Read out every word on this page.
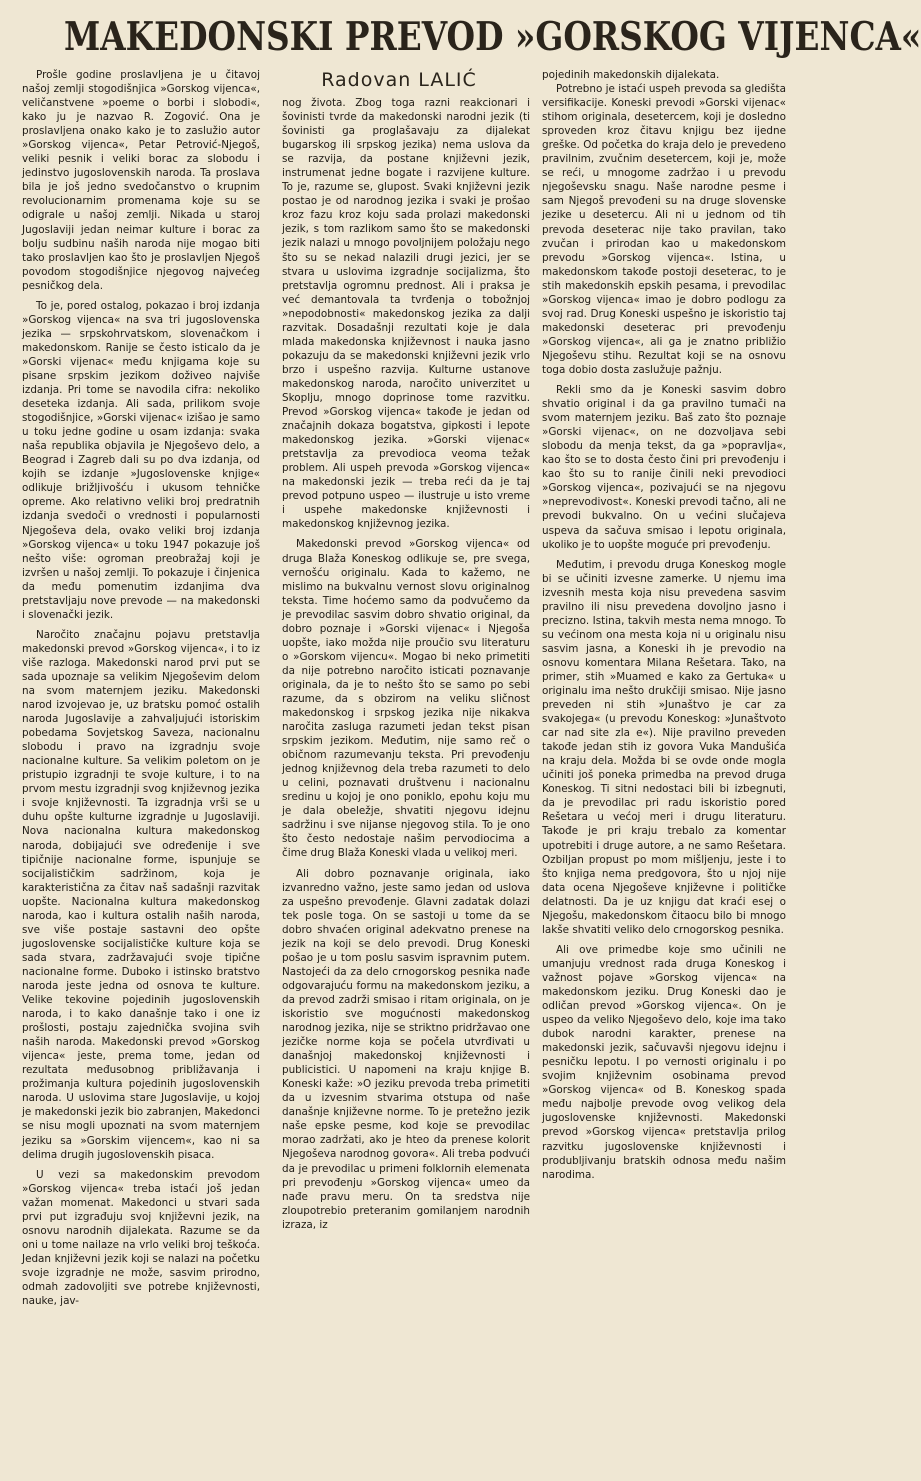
MAKEDONSKI PREVOD »GORSKOG VIJENCA«
Radovan LALIĆ

Prošle godine proslavljena je u čitavoj našoj zemlji stogodišnjica »Gorskog vijenca«, veličanstvene »poeme o borbi i slobodi«, kako ju je nazvao R. Zogović. Ona je proslavljena onako kako je to zaslužio autor »Gorskog vijenca«, Petar Petrović-Njegoš, veliki pesnik i veliki borac za slobodu i jedinstvo jugoslovenskih naroda. Ta proslava bila je još jedno svedočanstvo o krupnim revolucionarnim promenama koje su se odigrale u našoj zemlji. Nikada u staroj Jugoslaviji jedan neimar kulture i borac za bolju sudbinu naših naroda nije mogao biti tako proslavljen kao što je proslavljen Njegoš povodom stogodišnjice njegovog najvećeg pesničkog dela.

To je, pored ostalog, pokazao i broj izdanja »Gorskog vijenca« na sva tri jugoslovenska jezika — srpskohrvatskom, slovenačkom i makedonskom. Ranije se često isticalo da je »Gorski vijenac« među knjigama koje su pisane srpskim jezikom doživeo najviše izdanja. Pri tome se navodila cifra: nekoliko deseteka izdanja. Ali sada, prilikom svoje stogodišnjice, »Gorski vijenac« izišao je samo u toku jedne godine u osam izdanja: svaka naša republika objavila je Njegoševo delo, a Beograd i Zagreb dali su po dva izdanja, od kojih se izdanje »Jugoslovenske knjige« odlikuje brižljivošću i ukusom tehničke opreme. Ako relativno veliki broj predratnih izdanja svedoči o vrednosti i popularnosti Njegoševa dela, ovako veliki broj izdanja »Gorskog vijenca« u toku 1947 pokazuje još nešto više: ogroman preobražaj koji je izvršen u našoj zemlji. To pokazuje i činjenica da među pomenutim izdanjima dva pretstavljaju nove prevode — na makedonski i slovenački jezik.

Naročito značajnu pojavu pretstavlja makedonski prevod »Gorskog vijenca«, i to iz više razloga. Makedonski narod prvi put se sada upoznaje sa velikim Njegoševim delom na svom maternjem jeziku. Makedonski narod izvojevao je, uz bratsku pomoć ostalih naroda Jugoslavije a zahvaljujući istoriskim pobedama Sovjetskog Saveza, nacionalnu slobodu i pravo na izgradnju svoje nacionalne kulture. Sa velikim poletom on je pristupio izgradnji te svoje kulture, i to na prvom mestu izgradnji svog književnog jezika i svoje književnosti. Ta izgradnja vrši se u duhu opšte kulturne izgradnje u Jugoslaviji. Nova nacionalna kultura makedonskog naroda, dobijajući sve određenije i sve tipičnije nacionalne forme, ispunjuje se socijalističkim sadržinom, koja je karakteristična za čitav naš sadašnji razvitak uopšte. Nacionalna kultura makedonskog naroda, kao i kultura ostalih naših naroda, sve više postaje sastavni deo opšte jugoslovenske socijalističke kulture koja se sada stvara, zadržavajući svoje tipične nacionalne forme. Duboko i istinsko bratstvo naroda jeste jedna od osnova te kulture. Velike tekovine pojedinih jugoslovenskih naroda, i to kako današnje tako i one iz prošlosti, postaju zajednička svojina svih naših naroda. Makedonski prevod »Gorskog vijenca« jeste, prema tome, jedan od rezultata međusobnog približavanja i prožimanja kultura pojedinih jugoslovenskih naroda. U uslovima stare Jugoslavije, u kojoj je makedonski jezik bio zabranjen, Makedonci se nisu mogli upoznati na svom maternjem jeziku sa »Gorskim vijencem«, kao ni sa delima drugih jugoslovenskih pisaca.

U vezi sa makedonskim prevodom »Gorskog vijenca« treba istaći još jedan važan momenat. Makedonci u stvari sada prvi put izgrađuju svoj književni jezik, na osnovu narodnih dijalekata. Razume se da oni u tome nailaze na vrlo veliki broj teškoća. Jedan književni jezik koji se nalazi na početku svoje izgradnje ne može, sasvim prirodno, odmah zadovoljiti sve potrebe književnosti, nauke, jav-

nog života. Zbog toga razni reakcionari i šovinisti tvrde da makedonski narodni jezik (ti šovinisti ga proglašavaju za dijalekat bugarskog ili srpskog jezika) nema uslova da se razvija, da postane književni jezik, instrumenat jedne bogate i razvijene kulture. To je, razume se, glupost. Svaki književni jezik postao je od narodnog jezika i svaki je prošao kroz fazu kroz koju sada prolazi makedonski jezik, s tom razlikom samo što se makedonski jezik nalazi u mnogo povoljnijem položaju nego što su se nekad nalazili drugi jezici, jer se stvara u uslovima izgradnje socijalizma, što pretstavlja ogromnu prednost. Ali i praksa je već demantovala ta tvrđenja o tobožnjoj »nepodobnosti« makedonskog jezika za dalji razvitak. Dosadašnji rezultati koje je dala mlada makedonska književnost i nauka jasno pokazuju da se makedonski književni jezik vrlo brzo i uspešno razvija. Kulturne ustanove makedonskog naroda, naročito univerzitet u Skoplju, mnogo doprinose tome razvitku. Prevod »Gorskog vijenca« takođe je jedan od značajnih dokaza bogatstva, gipkosti i lepote makedonskog jezika. »Gorski vijenac« pretstavlja za prevodioca veoma težak problem. Ali uspeh prevoda »Gorskog vijenca« na makedonski jezik — treba reći da je taj prevod potpuno uspeo — ilustruje u isto vreme i uspehe makedonske književnosti i makedonskog književnog jezika.

Makedonski prevod »Gorskog vijenca« od druga Blaža Koneskog odlikuje se, pre svega, vernošću originalu. Kada to kažemo, ne mislimo na bukvalnu vernost slovu originalnog teksta. Time hoćemo samo da podvučemo da je prevodilac sasvim dobro shvatio original, da dobro poznaje i »Gorski vijenac« i Njegoša uopšte, iako možda nije proučio svu literaturu o »Gorskom vijencu«. Mogao bi neko primetiti da nije potrebno naročito isticati poznavanje originala, da je to nešto što se samo po sebi razume, da s obzirom na veliku sličnost makedonskog i srpskog jezika nije nikakva naročita zasluga razumeti jedan tekst pisan srpskim jezikom. Međutim, nije samo reč o običnom razumevanju teksta. Pri prevođenju jednog književnog dela treba razumeti to delo u celini, poznavati društvenu i nacionalnu sredinu u kojoj je ono poniklo, epohu koju mu je dala obeležje, shvatiti njegovu idejnu sadržinu i sve nijanse njegovog stila. To je ono što često nedostaje našim pervodiocima a čime drug Blaža Koneski vlada u velikoj meri.

Ali dobro poznavanje originala, iako izvanredno važno, jeste samo jedan od uslova za uspešno prevođenje. Glavni zadatak dolazi tek posle toga. On se sastoji u tome da se dobro shvaćen original adekvatno prenese na jezik na koji se delo prevodi. Drug Koneski pošao je u tom poslu sasvim ispravnim putem. Nastojeći da za delo crnogorskog pesnika nađe odgovarajuću formu na makedonskom jeziku, a da prevod zadrži smisao i ritam originala, on je iskoristio sve mogućnosti makedonskog narodnog jezika, nije se striktno pridržavao one jezičke norme koja se počela utvrđivati u današnjoj makedonskoj književnosti i publicistici. U napomeni na kraju knjige B. Koneski kaže: »O jeziku prevoda treba primetiti da u izvesnim stvarima otstupa od naše današnje književne norme. To je pretežno jezik naše epske pesme, kod koje se prevodilac morao zadržati, ako je hteo da prenese kolorit Njegoševa narodnog govora«. Ali treba podvući da je prevodilac u primeni folklornih elemenata pri prevođenju »Gorskog vijenca« umeo da nađe pravu meru. On ta sredstva nije zloupotrebio preteranim gomilanjem narodnih izraza, iz

pojedinih makedonskih dijalekata.

Potrebno je istaći uspeh prevoda sa gledišta versifikacije. Koneski prevodi »Gorski vijenac« stihom originala, desetercem, koji je dosledno sproveden kroz čitavu knjigu bez ijedne greške. Od početka do kraja delo je prevedeno pravilnim, zvučnim desetercem, koji je, može se reći, u mnogome zadržao i u prevodu njegoševsku snagu. Naše narodne pesme i sam Njegoš prevođeni su na druge slovenske jezike u desetercu. Ali ni u jednom od tih prevoda deseterac nije tako pravilan, tako zvučan i prirodan kao u makedonskom prevodu »Gorskog vijenca«. Istina, u makedonskom takođe postoji deseterac, to je stih makedonskih epskih pesama, i prevodilac »Gorskog vijenca« imao je dobro podlogu za svoj rad. Drug Koneski uspešno je iskoristio taj makedonski deseterac pri prevođenju »Gorskog vijenca«, ali ga je znatno približio Njegoševu stihu. Rezultat koji se na osnovu toga dobio dosta zaslužuje pažnju.

Rekli smo da je Koneski sasvim dobro shvatio original i da ga pravilno tumači na svom maternjem jeziku. Baš zato što poznaje »Gorski vijenac«, on ne dozvoljava sebi slobodu da menja tekst, da ga »popravlja«, kao što se to dosta često čini pri prevođenju i kao što su to ranije činili neki prevodioci »Gorskog vijenca«, pozivajući se na njegovu »neprevodivost«. Koneski prevodi tačno, ali ne prevodi bukvalno. On u većini slučajeva uspeva da sačuva smisao i lepotu originala, ukoliko je to uopšte moguće pri prevođenju.

Međutim, i prevodu druga Koneskog mogle bi se učiniti izvesne zamerke. U njemu ima izvesnih mesta koja nisu prevedena sasvim pravilno ili nisu prevedena dovoljno jasno i precizno. Istina, takvih mesta nema mnogo. To su većinom ona mesta koja ni u originalu nisu sasvim jasna, a Koneski ih je prevodio na osnovu komentara Milana Rešetara. Tako, na primer, stih »Muamed e kako za Gertuka« u originalu ima nešto drukčiji smisao. Nije jasno preveden ni stih »Junaštvo je car za svakojega« (u prevodu Koneskog: »Junaštvoto car nad site zla e«). Nije pravilno preveden takođe jedan stih iz govora Vuka Mandušića na kraju dela. Možda bi se ovde onde mogla učiniti još poneka primedba na prevod druga Koneskog. Ti sitni nedostaci bili bi izbegnuti, da je prevodilac pri radu iskoristio pored Rešetara u većoj meri i drugu literaturu. Takođe je pri kraju trebalo za komentar upotrebiti i druge autore, a ne samo Rešetara. Ozbiljan propust po mom mišljenju, jeste i to što knjiga nema predgovora, što u njoj nije data ocena Njegoševe književne i političke delatnosti. Da je uz knjigu dat kraći esej o Njegošu, makedonskom čitaocu bilo bi mnogo lakše shvatiti veliko delo crnogorskog pesnika.

Ali ove primedbe koje smo učinili ne umanjuju vrednost rada druga Koneskog i važnost pojave »Gorskog vijenca« na makedonskom jeziku. Drug Koneski dao je odličan prevod »Gorskog vijenca«. On je uspeo da veliko Njegoševo delo, koje ima tako dubok narodni karakter, prenese na makedonski jezik, sačuvavši njegovu idejnu i pesničku lepotu. I po vernosti originalu i po svojim književnim osobinama prevod »Gorskog vijenca« od B. Koneskog spada među najbolje prevode ovog velikog dela jugoslovenske književnosti. Makedonski prevod »Gorskog vijenca« pretstavlja prilog razvitku jugoslovenske književnosti i produbljivanju bratskih odnosa među našim narodima.
